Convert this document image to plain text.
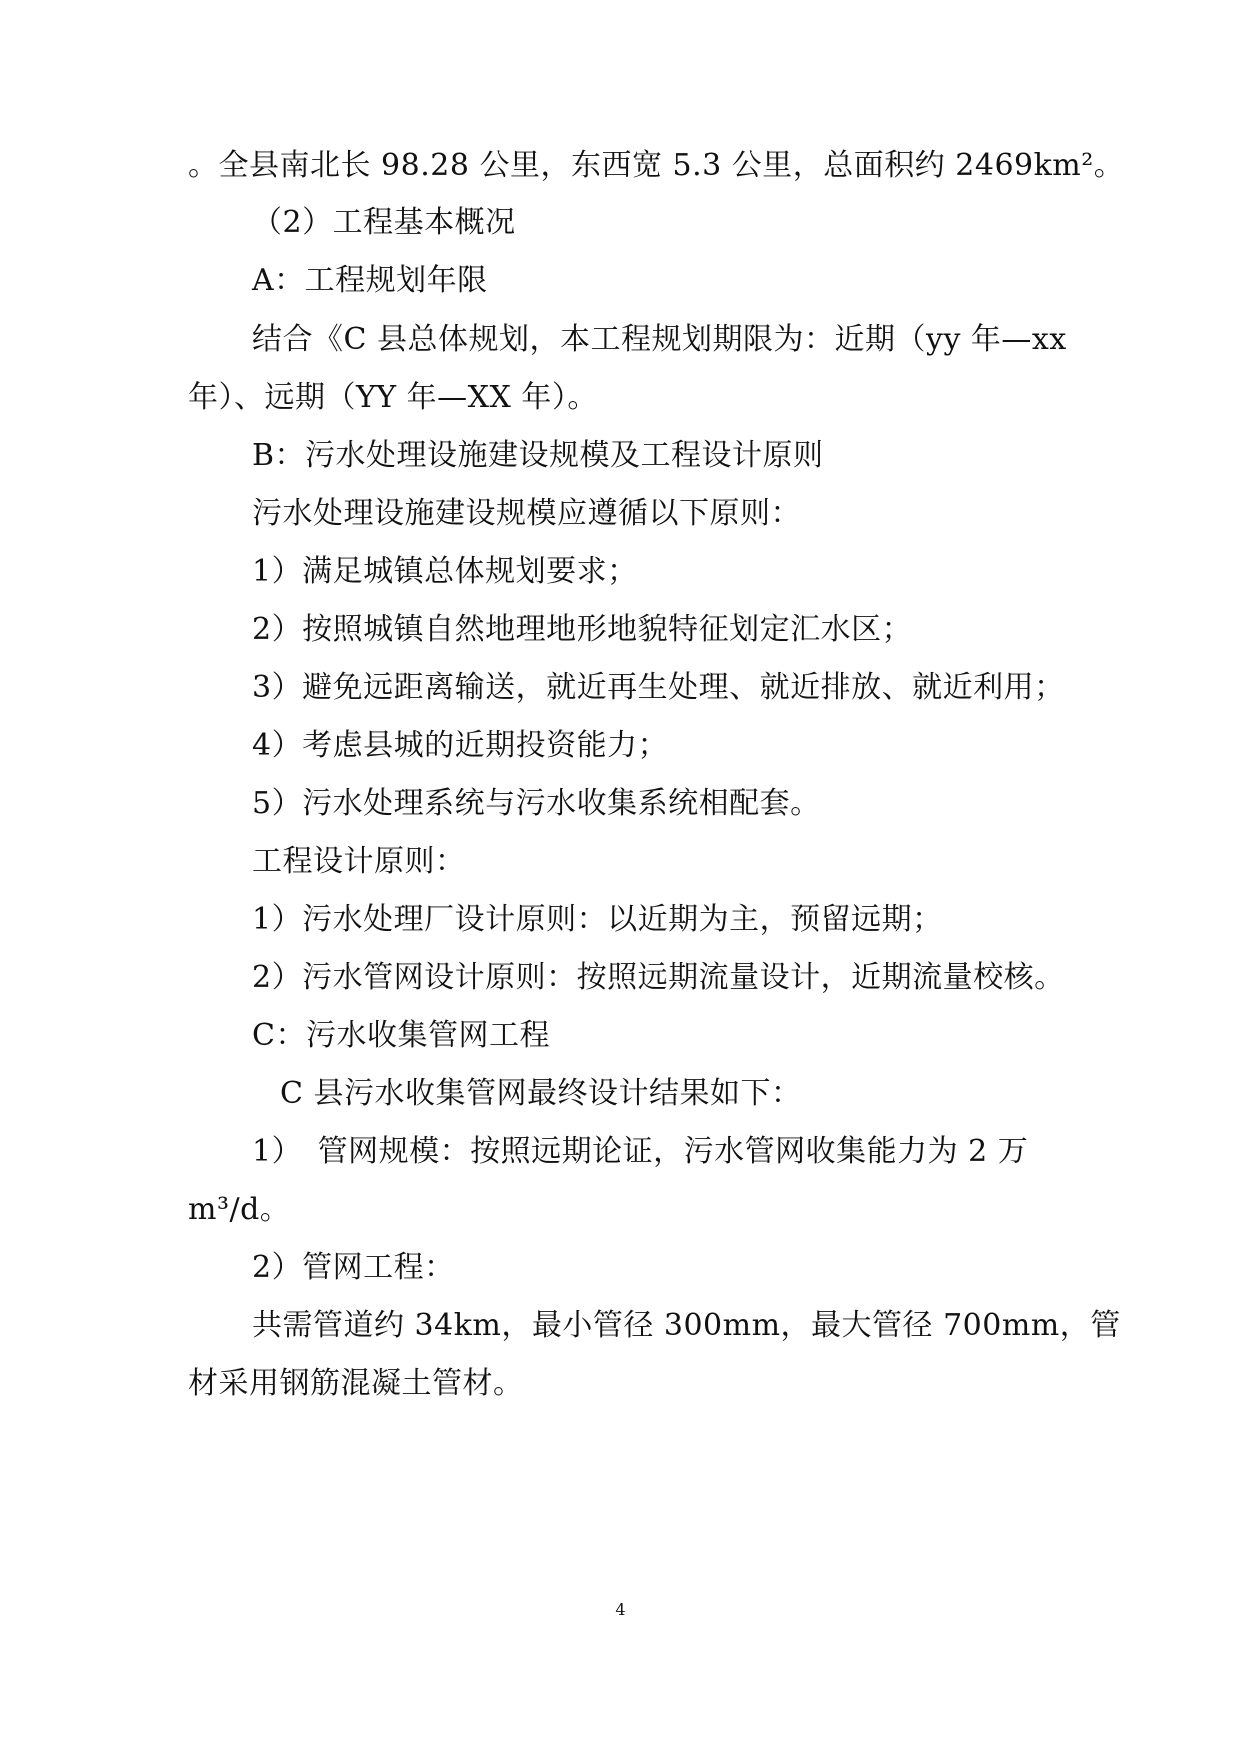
。全县南北长 98.28 公里，东西宽 5.3 公里，总面积约 2469km²。
（2）工程基本概况
A：工程规划年限
结合《C 县总体规划，本工程规划期限为：近期（yy 年—xx
年）、远期（YY 年—XX 年）。
B：污水处理设施建设规模及工程设计原则
污水处理设施建设规模应遵循以下原则：
1）满足城镇总体规划要求；
2）按照城镇自然地理地形地貌特征划定汇水区；
3）避免远距离输送，就近再生处理、就近排放、就近利用；
4）考虑县城的近期投资能力；
5）污水处理系统与污水收集系统相配套。
工程设计原则：
1）污水处理厂设计原则：以近期为主，预留远期；
2）污水管网设计原则：按照远期流量设计，近期流量校核。
C：污水收集管网工程
C 县污水收集管网最终设计结果如下：
1）　管网规模：按照远期论证，污水管网收集能力为 2 万
m³/d。
2）管网工程：
共需管道约 34km，最小管径 300mm，最大管径 700mm，管
材采用钢筋混凝土管材。
4
